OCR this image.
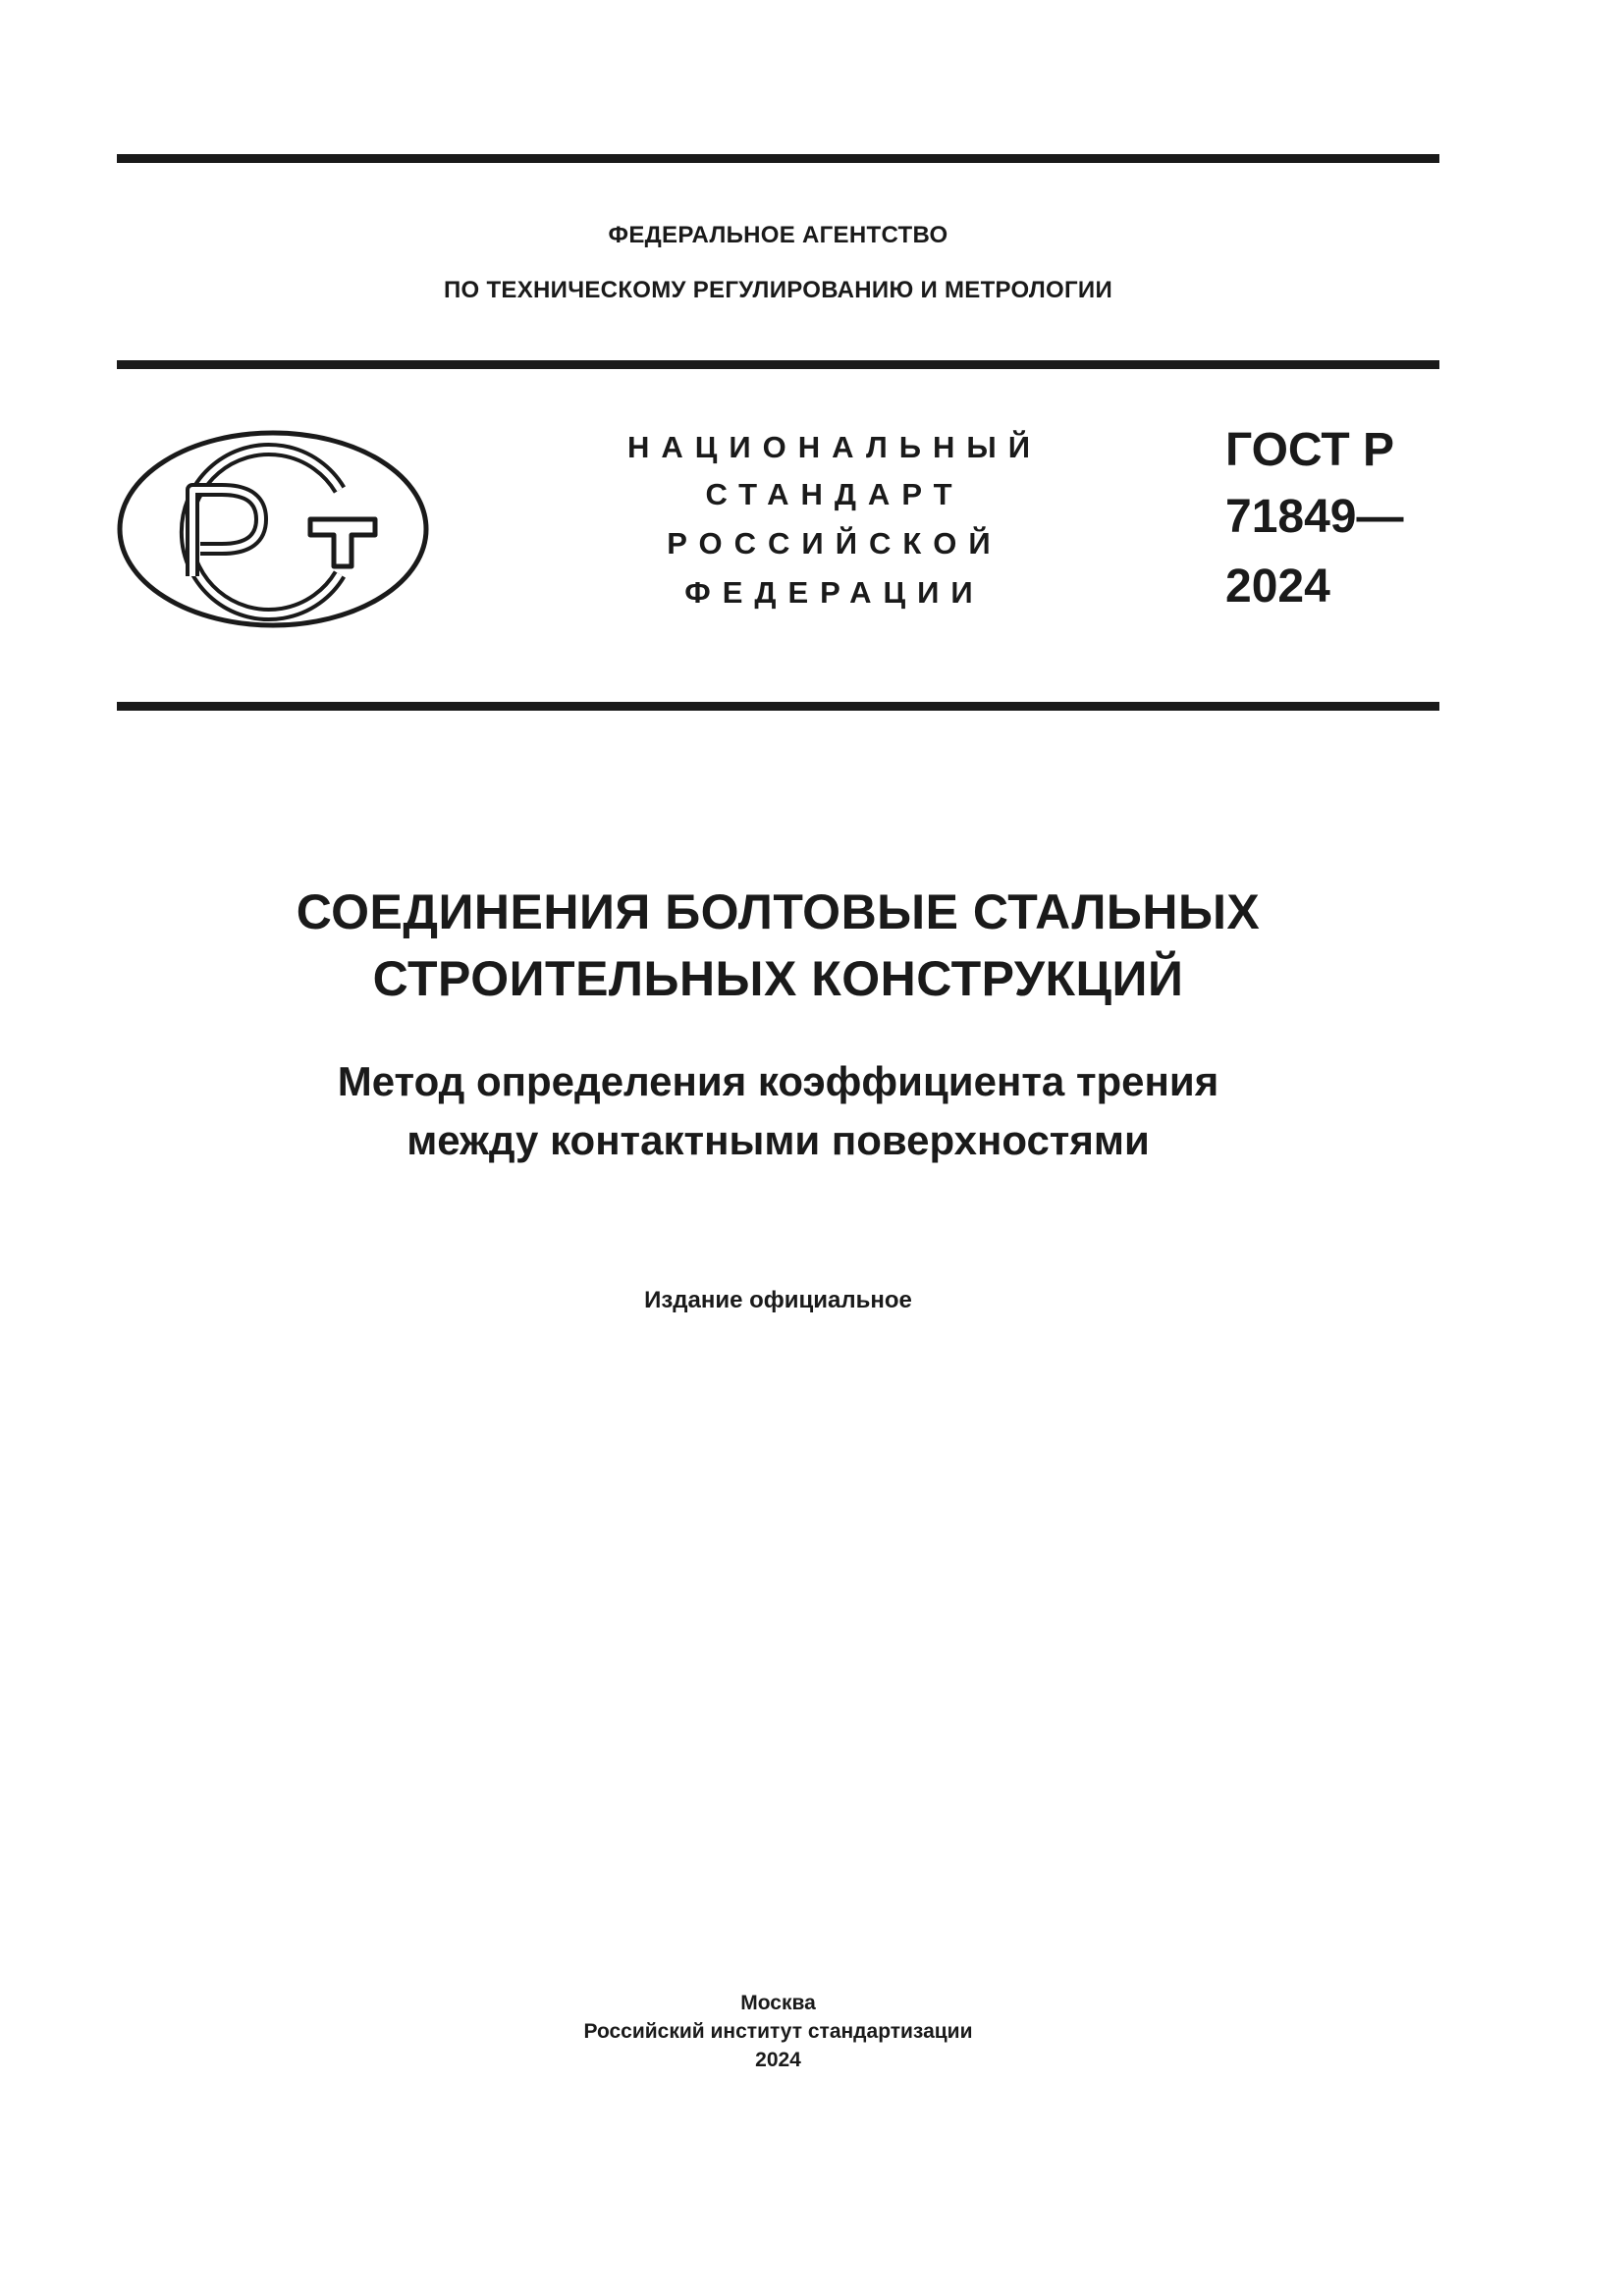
ФЕДЕРАЛЬНОЕ АГЕНТСТВО
ПО ТЕХНИЧЕСКОМУ РЕГУЛИРОВАНИЮ И МЕТРОЛОГИИ
НАЦИОНАЛЬНЫЙ
СТАНДАРТ
РОССИЙСКОЙ
ФЕДЕРАЦИИ
ГОСТ Р
71849—
2024
СОЕДИНЕНИЯ БОЛТОВЫЕ СТАЛЬНЫХ
СТРОИТЕЛЬНЫХ КОНСТРУКЦИЙ
Метод определения коэффициента трения
между контактными поверхностями
Издание официальное
Москва
Российский институт стандартизации
2024
